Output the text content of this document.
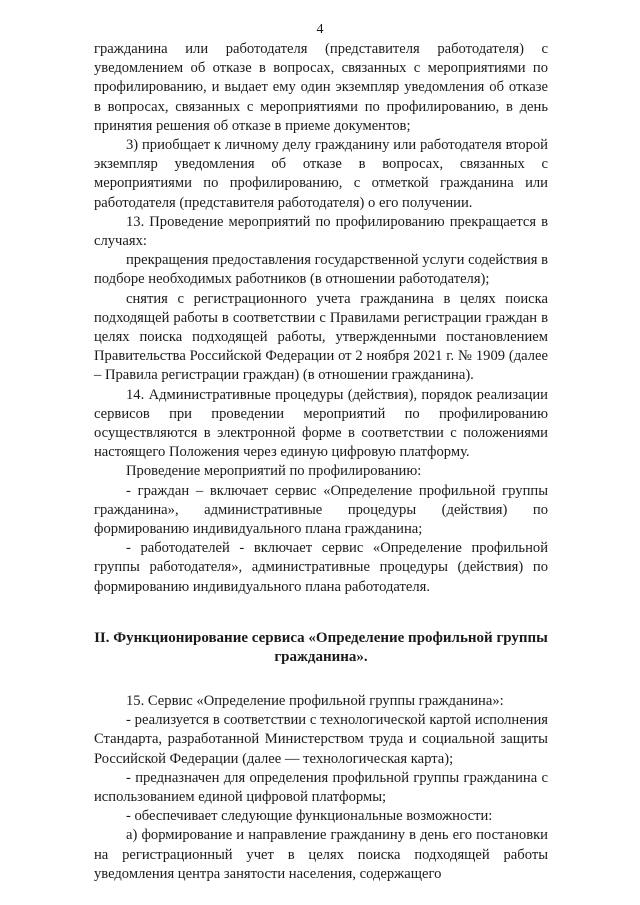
4

гражданина или работодателя (представителя работодателя) с уведомлением об отказе в вопросах, связанных с мероприятиями по профилированию, и выдает ему один экземпляр уведомления об отказе в вопросах, связанных с мероприятиями по профилированию, в день принятия решения об отказе в приеме документов;

3) приобщает к личному делу гражданину или работодателя второй экземпляр уведомления об отказе в вопросах, связанных с мероприятиями по профилированию, с отметкой гражданина или работодателя (представителя работодателя) о его получении.

13. Проведение мероприятий по профилированию прекращается в случаях:

прекращения предоставления государственной услуги содействия в подборе необходимых работников (в отношении работодателя);

снятия с регистрационного учета гражданина в целях поиска подходящей работы в соответствии с Правилами регистрации граждан в целях поиска подходящей работы, утвержденными постановлением Правительства Российской Федерации от 2 ноября 2021 г. № 1909 (далее – Правила регистрации граждан) (в отношении гражданина).

14. Административные процедуры (действия), порядок реализации сервисов при проведении мероприятий по профилированию осуществляются в электронной форме в соответствии с положениями настоящего Положения через единую цифровую платформу.

Проведение мероприятий по профилированию:

- граждан – включает сервис «Определение профильной группы гражданина», административные процедуры (действия) по формированию индивидуального плана гражданина;

- работодателей - включает сервис «Определение профильной группы работодателя», административные процедуры (действия) по формированию индивидуального плана работодателя.

II. Функционирование сервиса «Определение профильной группы гражданина».

15. Сервис «Определение профильной группы гражданина»:

- реализуется в соответствии с технологической картой исполнения Стандарта, разработанной Министерством труда и социальной защиты Российской Федерации (далее — технологическая карта);

- предназначен для определения профильной группы гражданина с использованием единой цифровой платформы;

- обеспечивает следующие функциональные возможности:

а) формирование и направление гражданину в день его постановки на регистрационный учет в целях поиска подходящей работы уведомления центра занятости населения, содержащего
